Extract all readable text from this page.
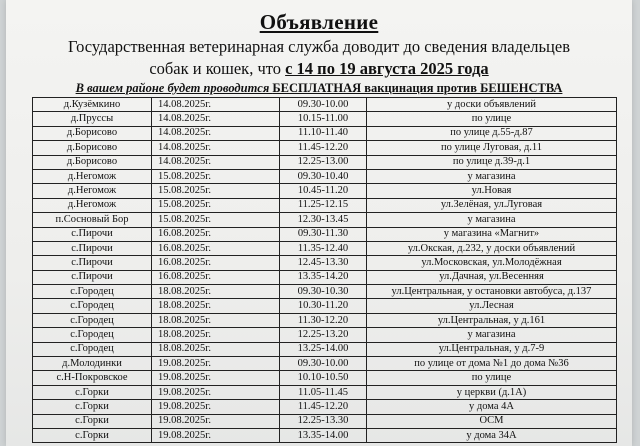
Объявление
Государственная ветеринарная служба доводит до сведения владельцев
собак и кошек, что с 14 по 19 августа 2025 года
В вашем районе будет проводится БЕСПЛАТНАЯ вакцинация против БЕШЕНСТВА
д.Кузёмкино	14.08.2025г.	09.30-10.00	у доски объявлений
д.Пруссы	14.08.2025г.	10.15-11.00	по улице
д.Борисово	14.08.2025г.	11.10-11.40	по улице д.55-д.87
д.Борисово	14.08.2025г.	11.45-12.20	по улице Луговая, д.11
д.Борисово	14.08.2025г.	12.25-13.00	по улице д.39-д.1
д.Негомож	15.08.2025г.	09.30-10.40	у магазина
д.Негомож	15.08.2025г.	10.45-11.20	ул.Новая
д.Негомож	15.08.2025г.	11.25-12.15	ул.Зелёная, ул.Луговая
п.Сосновый Бор	15.08.2025г.	12.30-13.45	у магазина
с.Пирочи	16.08.2025г.	09.30-11.30	у магазина «Магнит»
с.Пирочи	16.08.2025г.	11.35-12.40	ул.Окская, д.232, у доски объявлений
с.Пирочи	16.08.2025г.	12.45-13.30	ул.Московская, ул.Молодёжная
с.Пирочи	16.08.2025г.	13.35-14.20	ул.Дачная, ул.Весенняя
с.Городец	18.08.2025г.	09.30-10.30	ул.Центральная, у остановки автобуса, д.137
с.Городец	18.08.2025г.	10.30-11.20	ул.Лесная
с.Городец	18.08.2025г.	11.30-12.20	ул.Центральная, у д.161
с.Городец	18.08.2025г.	12.25-13.20	у магазина
с.Городец	18.08.2025г.	13.25-14.00	ул.Центральная, у д.7-9
д.Молодинки	19.08.2025г.	09.30-10.00	по улице от дома №1 до дома №36
с.Н-Покровское	19.08.2025г.	10.10-10.50	по улице
с.Горки	19.08.2025г.	11.05-11.45	у церкви (д.1А)
с.Горки	19.08.2025г.	11.45-12.20	у дома 4А
с.Горки	19.08.2025г.	12.25-13.30	ОСМ
с.Горки	19.08.2025г.	13.35-14.00	у дома 34А
